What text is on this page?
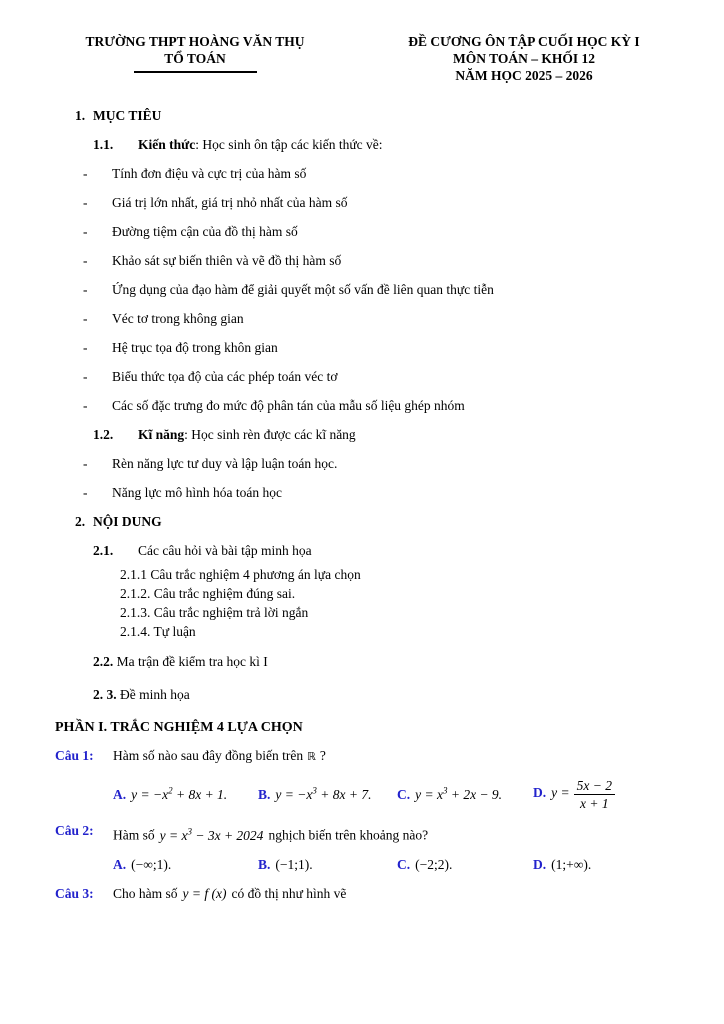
TRƯỜNG THPT HOÀNG VĂN THỤ
TỔ TOÁN
ĐỀ CƯƠNG ÔN TẬP CUỐI HỌC KỲ I
MÔN TOÁN – KHỐI 12
NĂM HỌC 2025 – 2026
1. MỤC TIÊU
1.1. Kiến thức: Học sinh ôn tập các kiến thức về:
- Tính đơn điệu và cực trị của hàm số
- Giá trị lớn nhất, giá trị nhỏ nhất của hàm số
- Đường tiệm cận của đồ thị hàm số
- Khảo sát sự biến thiên và vẽ đồ thị hàm số
- Ứng dụng của đạo hàm để giải quyết một số vấn đề liên quan thực tiễn
- Véc tơ trong không gian
- Hệ trục tọa độ trong khôn gian
- Biểu thức tọa độ của các phép toán véc tơ
- Các số đặc trưng đo mức độ phân tán của mẫu số liệu ghép nhóm
1.2. Kĩ năng: Học sinh rèn được các kĩ năng
- Rèn năng lực tư duy và lập luận toán học.
- Năng lực mô hình hóa toán học
2. NỘI DUNG
2.1. Các câu hỏi và bài tập minh họa
2.1.1 Câu trắc nghiệm 4 phương án lựa chọn
2.1.2. Câu trắc nghiệm đúng sai.
2.1.3. Câu trắc nghiệm trả lời ngắn
2.1.4. Tự luận
2.2. Ma trận đề kiểm tra học kì I
2. 3. Đề minh họa
PHẦN I. TRẮC NGHIỆM 4 LỰA CHỌN
Câu 1:	Hàm số nào sau đây đồng biến trên ℝ ?
A. $y = -x^2 + 8x + 1$.	B. $y = -x^3 + 8x + 7$.	C. $y = x^3 + 2x - 9$.	D. $y = \frac{5x - 2}{x + 1}$
Câu 2:	Hàm số $y = x^3 - 3x + 2024$ nghịch biến trên khoảng nào?
A. (−∞;1).	B. (−1;1).	C. (−2;2).	D. (1;+∞).
Câu 3:	Cho hàm số y = f (x) có đồ thị như hình vẽ
